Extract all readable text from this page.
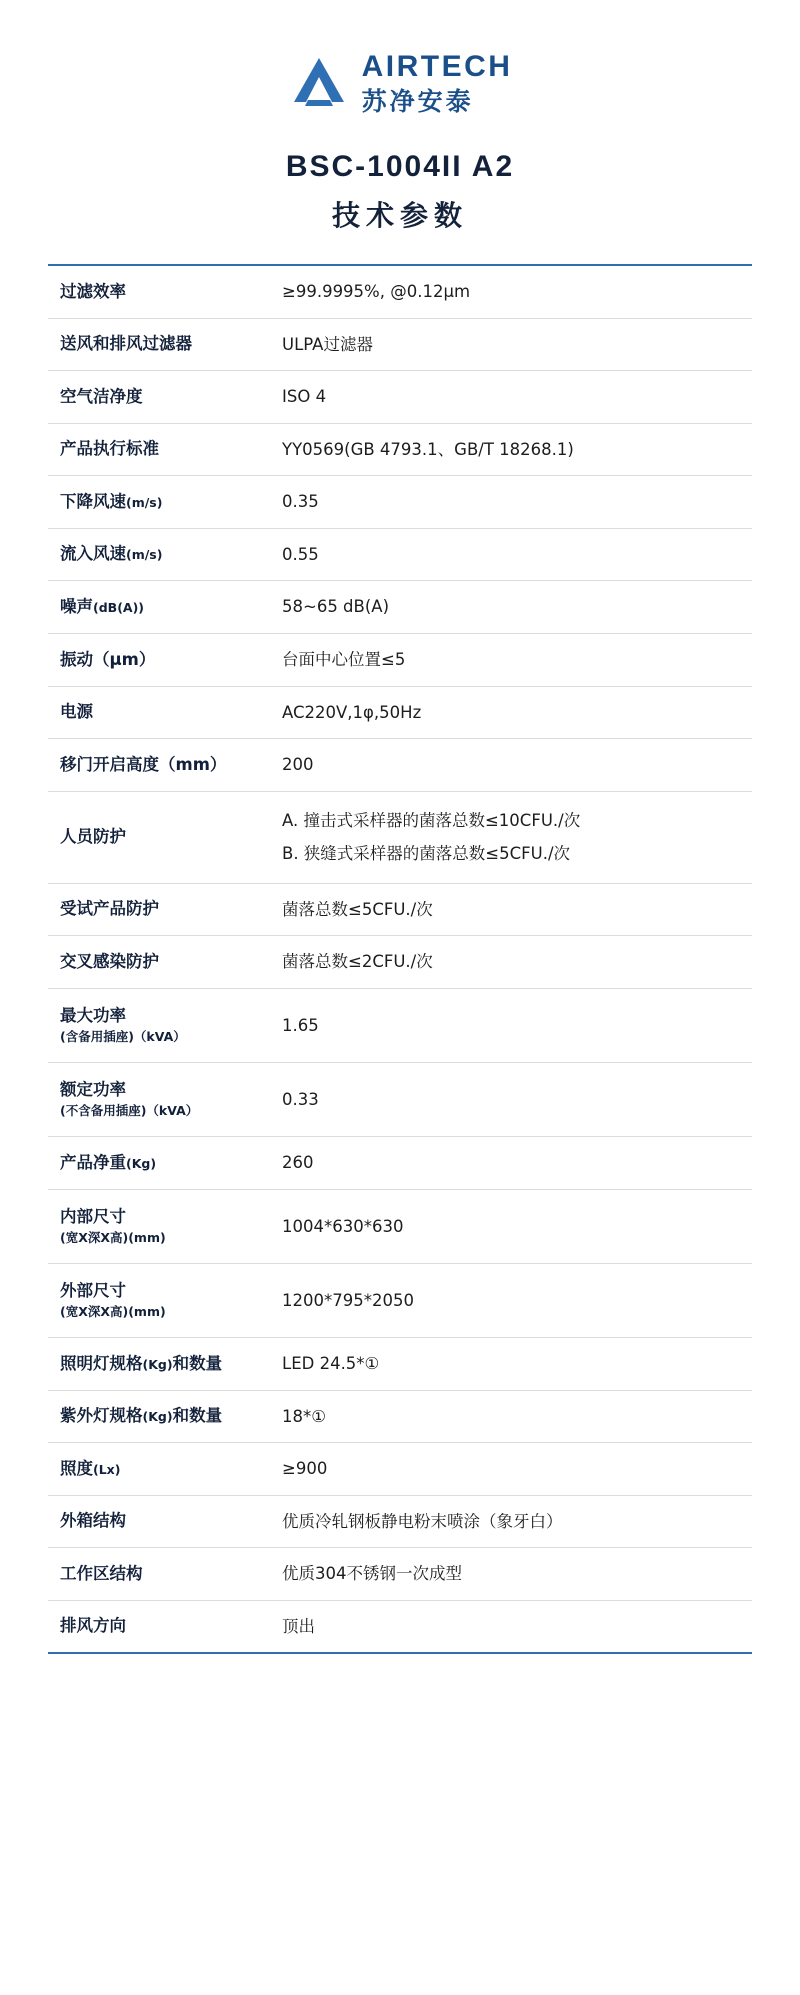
AIRTECH
苏净安泰
BSC-1004II A2
技术参数
过滤效率	≥99.9995%, @0.12μm

送风和排风过滤器	ULPA过滤器

空气洁净度	ISO 4

产品执行标准	YY0569(GB 4793.1、GB/T 18268.1)

下降风速(m/s)	0.35

流入风速(m/s)	0.55

噪声(dB(A))	58~65 dB(A)

振动（μm）	台面中心位置≤5

电源	AC220V,1φ,50Hz

移门开启高度（mm）	200

人员防护	A. 撞击式采样器的菌落总数≤10CFU./次
B. 狭缝式采样器的菌落总数≤5CFU./次

受试产品防护	菌落总数≤5CFU./次

交叉感染防护	菌落总数≤2CFU./次

最大功率
(含备用插座)（kVA）	1.65

额定功率
(不含备用插座)（kVA）	0.33

产品净重(Kg)	260

内部尺寸
(宽X深X高)(mm)	1004*630*630

外部尺寸
(宽X深X高)(mm)	1200*795*2050

照明灯规格(Kg)和数量	LED 24.5*①

紫外灯规格(Kg)和数量	18*①

照度(Lx)	≥900

外箱结构	优质冷轧钢板静电粉末喷涂（象牙白）

工作区结构	优质304不锈钢一次成型

排风方向	顶出
